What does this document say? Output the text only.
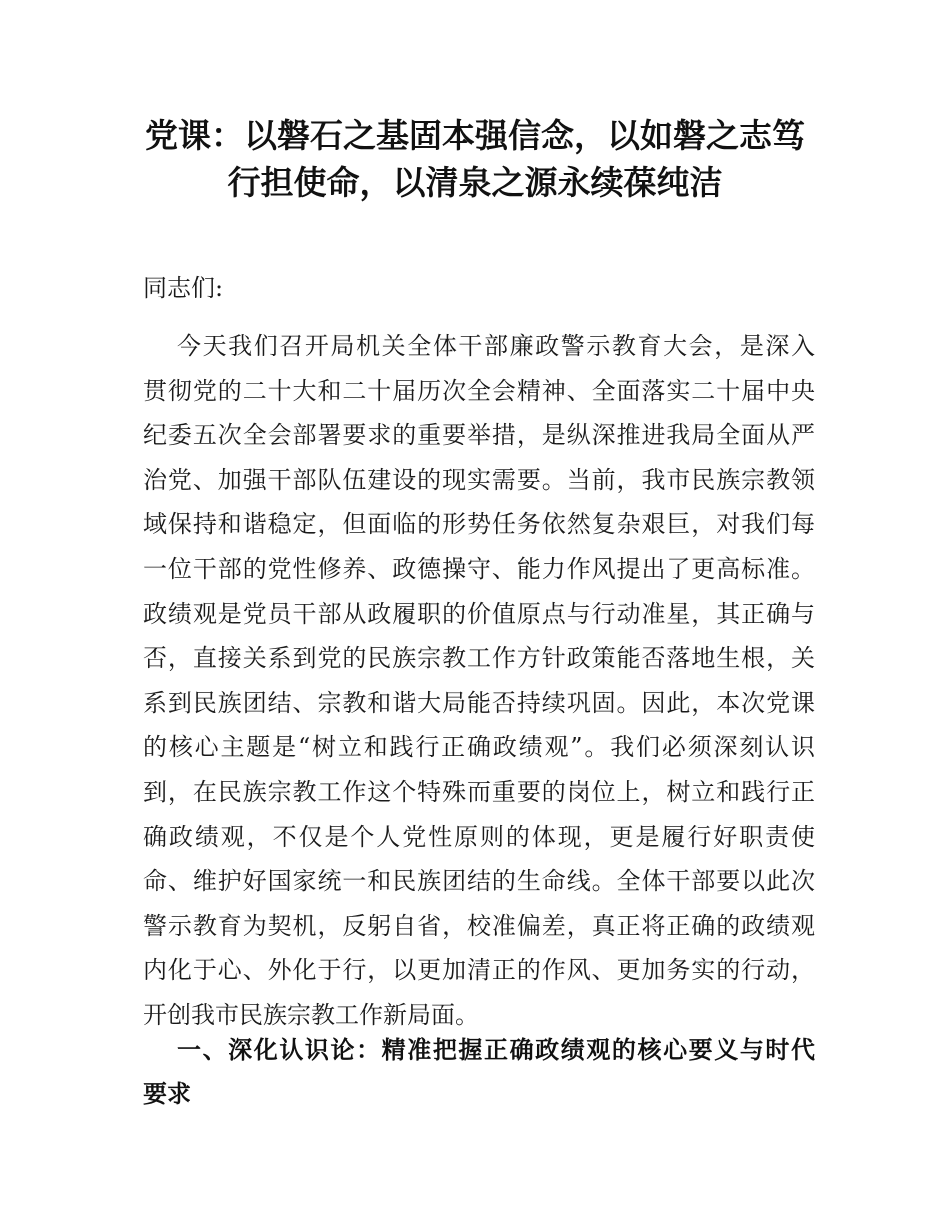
党课：以磐石之基固本强信念，以如磐之志笃
行担使命，以清泉之源永续葆纯洁
同志们:
今天我们召开局机关全体干部廉政警示教育大会，是深入
贯彻党的二十大和二十届历次全会精神、全面落实二十届中央
纪委五次全会部署要求的重要举措，是纵深推进我局全面从严
治党、加强干部队伍建设的现实需要。当前，我市民族宗教领
域保持和谐稳定，但面临的形势任务依然复杂艰巨，对我们每
一位干部的党性修养、政德操守、能力作风提出了更高标准。
政绩观是党员干部从政履职的价值原点与行动准星，其正确与
否，直接关系到党的民族宗教工作方针政策能否落地生根，关
系到民族团结、宗教和谐大局能否持续巩固。因此，本次党课
的核心主题是“树立和践行正确政绩观”。我们必须深刻认识
到，在民族宗教工作这个特殊而重要的岗位上，树立和践行正
确政绩观，不仅是个人党性原则的体现，更是履行好职责使
命、维护好国家统一和民族团结的生命线。全体干部要以此次
警示教育为契机，反躬自省，校准偏差，真正将正确的政绩观
内化于心、外化于行，以更加清正的作风、更加务实的行动，
开创我市民族宗教工作新局面。
一、深化认识论：精准把握正确政绩观的核心要义与时代
要求
